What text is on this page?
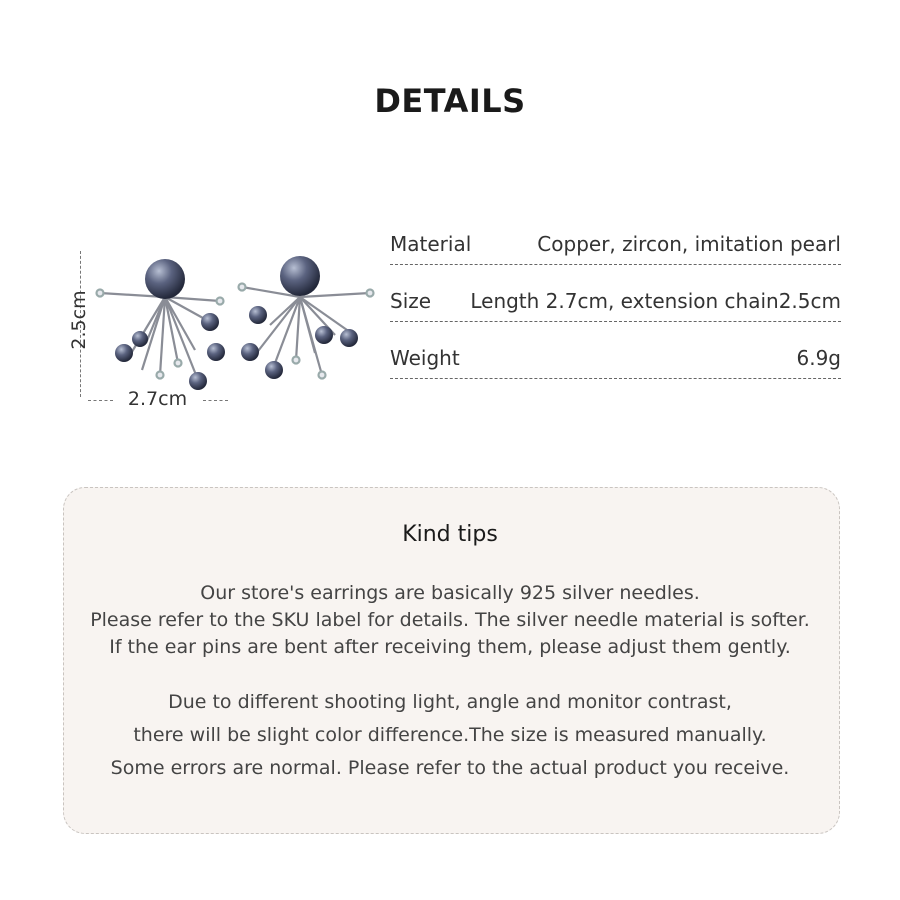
DETAILS
2.5cm
2.7cm
Material	Copper, zircon, imitation pearl
Size Length 2.7cm, extension chain2.5cm
Weight	6.9g
Kind tips
Our store's earrings are basically 925 silver needles.
Please refer to the SKU label for details. The silver needle material is softer.
If the ear pins are bent after receiving them, please adjust them gently.
Due to different shooting light, angle and monitor contrast,
there will be slight color difference.The size is measured manually.
Some errors are normal. Please refer to the actual product you receive.
